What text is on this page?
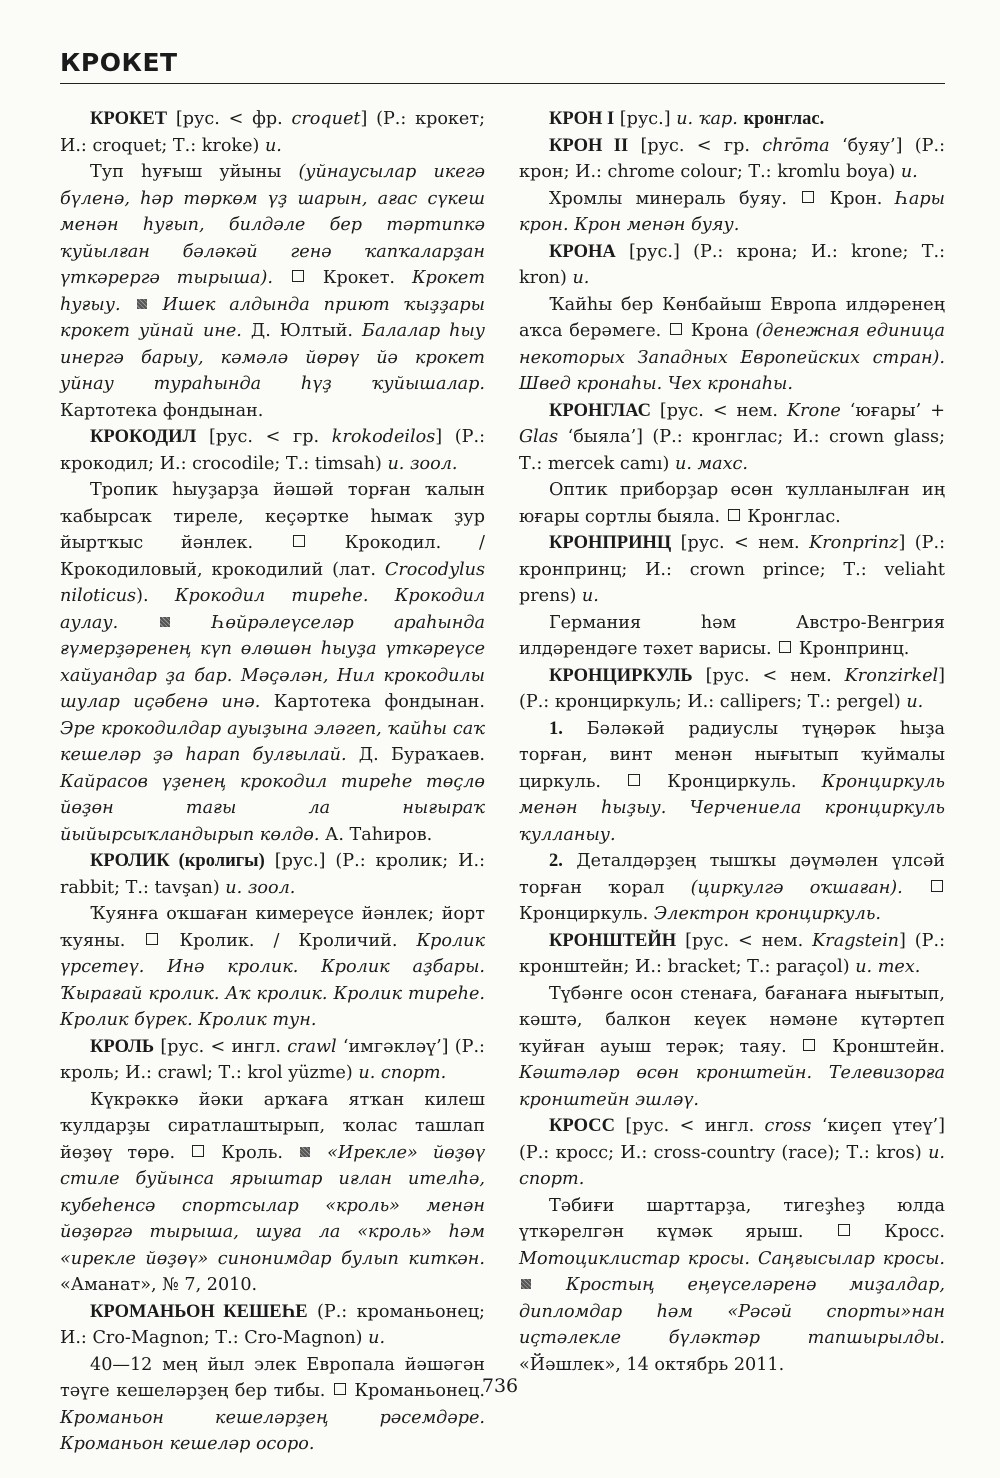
КРОКЕТ

КРОКЕТ [рус. < фр. croquet] (Р.: крокет; И.: croquet; Т.: kroke) и.

Туп һуғыш уйыны (уйнаусылар икегә бүленә, һәр төркөм үҙ шарын, ағас сүкеш менән һуғып, билдәле бер тәртипкә ҡуйылған бәләкәй генә ҡапҡаларҙан үткәрергә тырыша).  Крокет. Крокет һуғыу. Ишек алдында приют ҡыҙҙары крокет уйнай ине. Д. Юлтый. Балалар һыу инергә барыу, кәмәлә йөрөү йә крокет уйнау тураһында һүҙ ҡуйышалар. Картотека фондынан.

КРОКОДИЛ [рус. < гр. krokodeilos] (Р.: крокодил; И.: crocodile; Т.: timsah) и. зоол.

Тропик һыуҙарҙа йәшәй торған ҡалын ҡабырсаҡ тиреле, кеҫәртке һымаҡ ҙур йыртҡыс йәнлек.  Крокодил. / Крокодиловый, крокодилий (лат. Crocodylus niloticus). Крокодил тиреһе. Крокодил аулау.	Һөйрәлеүселәр араһында ғүмерҙәренең күп өлөшөн һыуҙа үткәреүсе хайуандар ҙа бар. Мәҫәлән, Нил крокодилы шулар иҫәбенә инә. Картотека фондынан. Эре крокодилдар ауыҙына эләгеп, ҡайһы саҡ кешеләр ҙә һарап булғылай. Д. Бураҡаев. Кайрасов үҙенең крокодил тиреһе төҫлө йөҙөн тағы ла нығыраҡ йыйырсыҡландырып көлдө. А. Таһиров.

КРОЛИК (кролигы) [рус.] (Р.: кролик; И.: rabbit; Т.: tavşan) и. зоол.

Ҡуянға оҡшаған кимереүсе йәнлек; йорт ҡуяны.  Кролик. / Кроличий. Кролик үрсетеү. Инә кролик. Кролик аҙбары. Ҡырағай кролик. Аҡ кролик. Кролик тиреһе. Кролик бүрек. Кролик тун.

КРОЛЬ [рус. < ингл. crawl ‘имгәкләү’] (Р.: кроль; И.: crawl; Т.: krol yüzme) и. спорт.

Күкрәккә йәки арҡаға ятҡан килеш ҡулдарҙы сиратлаштырып, ҡолас ташлап йөҙөү төрө.  Кроль.  «Ирекле» йөҙөү стиле буйынса ярыштар иғлан ителһә, кубеһенсә спортсылар «кроль» менән йөҙөргә тырыша, шуға ла «кроль» һәм «ирекле йөҙөү» синонимдар булып киткән. «Аманат», № 7, 2010.

КРОМАНЬОН КЕШЕҺЕ (Р.: кроманьонец; И.: Cro-Magnon; Т.: Cro-Magnon) и.

40—12 мең йыл элек Европала йәшәгән тәүге кешеләрҙең бер тибы.  Кроманьонец. Кроманьон кешеләрҙең рәсемдәре. Кроманьон кешеләр осоро.

КРОН I [рус.] и. ҡар. кронглас.

КРОН II [рус. < гр. chrōma ‘буяу’] (Р.: крон; И.: chrome colour; Т.: kromlu boya) и.

Хромлы минераль буяу.  Крон. Һары крон. Крон менән буяу.

КРОНА [рус.] (Р.: крона; И.: krone; Т.: kron) и.

Ҡайһы бер Көнбайыш Европа илдәренең аҡса берәмеге.  Крона (денежная единица некоторых Западных Европейских стран). Швед кронаһы. Чех кронаһы.

КРОНГЛАС [рус. < нем. Krone ‘юғары’ + Glas ‘быяла’] (Р.: кронглас; И.: crown glass; Т.: mercek camı) и. махс.

Оптик приборҙар өсөн ҡулланылған иң юғары сортлы быяла.  Кронглас.

КРОНПРИНЦ [рус. < нем. Kronprinz] (Р.: кронпринц; И.: crown prince; Т.: veliaht prens) и.

Германия һәм Австро-Венгрия илдәрендәге тәхет варисы.  Кронпринц.

КРОНЦИРКУЛЬ [рус. < нем. Kronzirkel] (Р.: кронциркуль; И.: callipers; Т.: pergel) и.

1. Бәләкәй радиуслы түңәрәк һыҙа торған, винт менән нығытып ҡуймалы циркуль.  Кронциркуль. Кронциркуль менән һыҙыу. Черчениела кронциркуль ҡулланыу.

2. Деталдәрҙең тышҡы дәүмәлен үлсәй торған ҡорал (циркулгә оҡшаған).  Кронциркуль. Электрон кронциркуль.

КРОНШТЕЙН [рус. < нем. Kragstein] (Р.: кронштейн; И.: bracket; Т.: paraçol) и. тех.

Түбәнге осон стенаға, бағанаға нығытып, кәштә, балкон кеүек нәмәне күтәртеп ҡуйған ауыш терәк; таяу.  Кронштейн. Кәштәләр өсөн кронштейн. Телевизорға кронштейн эшләү.

КРОСС [рус. < ингл. cross ‘киҫеп үтеү’] (Р.: кросс; И.: cross-country (race); Т.: kros) и. спорт.

Тәбиғи шарттарҙа, тигеҙһеҙ юлда үткәрелгән күмәк ярыш.  Кросс. Мотоциклистар кросы. Саңғысылар кросы.  Кростың еңеүселәренә миҙалдар, дипломдар һәм «Рәсәй спорты»нан иҫтәлекле бүләктәр тапшырылды. «Йәшлек», 14 октябрь 2011.

736
